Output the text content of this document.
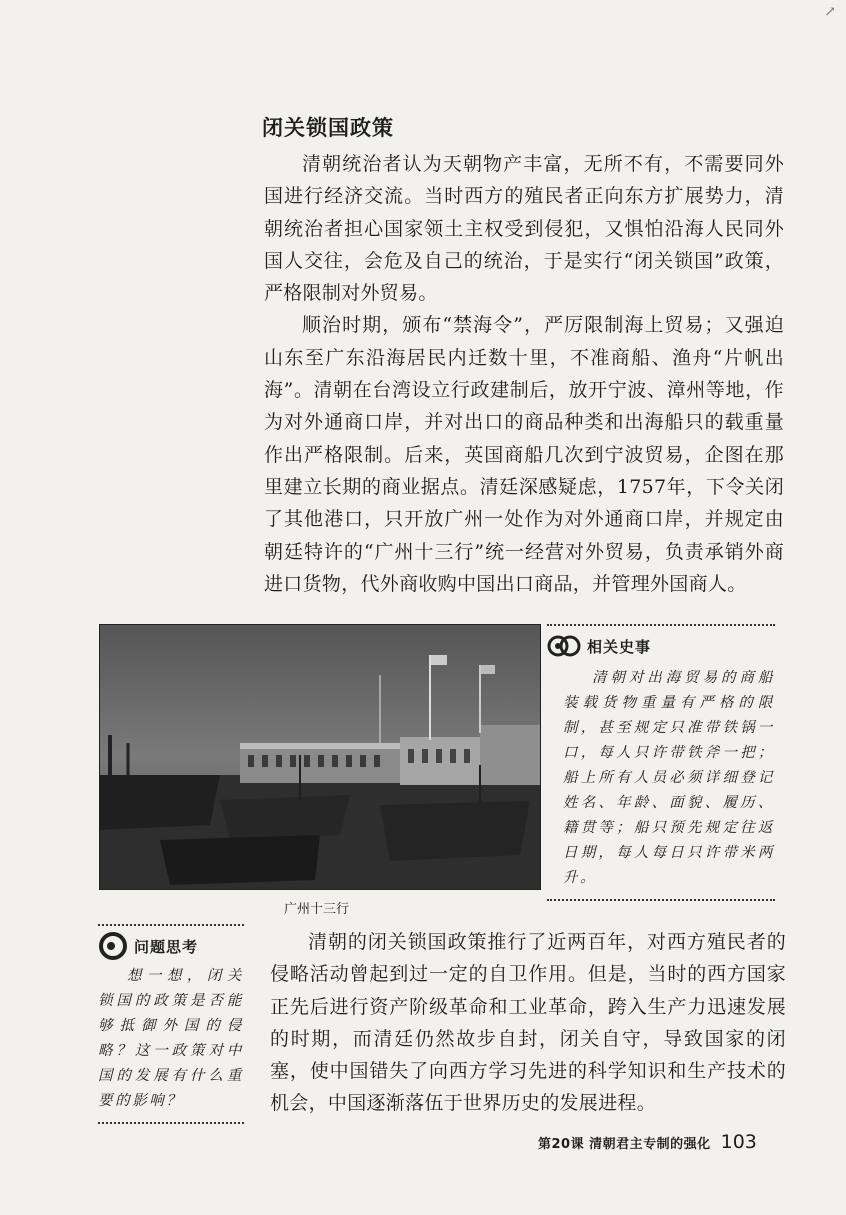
↗
闭关锁国政策

清朝统治者认为天朝物产丰富，无所不有，不需要同外国进行经济交流。当时西方的殖民者正向东方扩展势力，清朝统治者担心国家领土主权受到侵犯，又惧怕沿海人民同外国人交往，会危及自己的统治，于是实行“闭关锁国”政策，严格限制对外贸易。

顺治时期，颁布“禁海令”，严厉限制海上贸易；又强迫山东至广东沿海居民内迁数十里，不准商船、渔舟“片帆出海”。清朝在台湾设立行政建制后，放开宁波、漳州等地，作为对外通商口岸，并对出口的商品种类和出海船只的载重量作出严格限制。后来，英国商船几次到宁波贸易，企图在那里建立长期的商业据点。清廷深感疑虑，1757年，下令关闭了其他港口，只开放广州一处作为对外通商口岸，并规定由朝廷特许的“广州十三行”统一经营对外贸易，负责承销外商进口货物，代外商收购中国出口商品，并管理外国商人。

广州十三行
相关史事

清朝对出海贸易的商船装载货物重量有严格的限制，甚至规定只准带铁锅一口，每人只许带铁斧一把；船上所有人员必须详细登记姓名、年龄、面貌、履历、籍贯等；船只预先规定往返日期，每人每日只许带米两升。

问题思考

想一想，闭关锁国的政策是否能够抵御外国的侵略？这一政策对中国的发展有什么重要的影响？

清朝的闭关锁国政策推行了近两百年，对西方殖民者的侵略活动曾起到过一定的自卫作用。但是，当时的西方国家正先后进行资产阶级革命和工业革命，跨入生产力迅速发展的时期，而清廷仍然故步自封，闭关自守，导致国家的闭塞，使中国错失了向西方学习先进的科学知识和生产技术的机会，中国逐渐落伍于世界历史的发展进程。

第20课 清朝君主专制的强化 103
